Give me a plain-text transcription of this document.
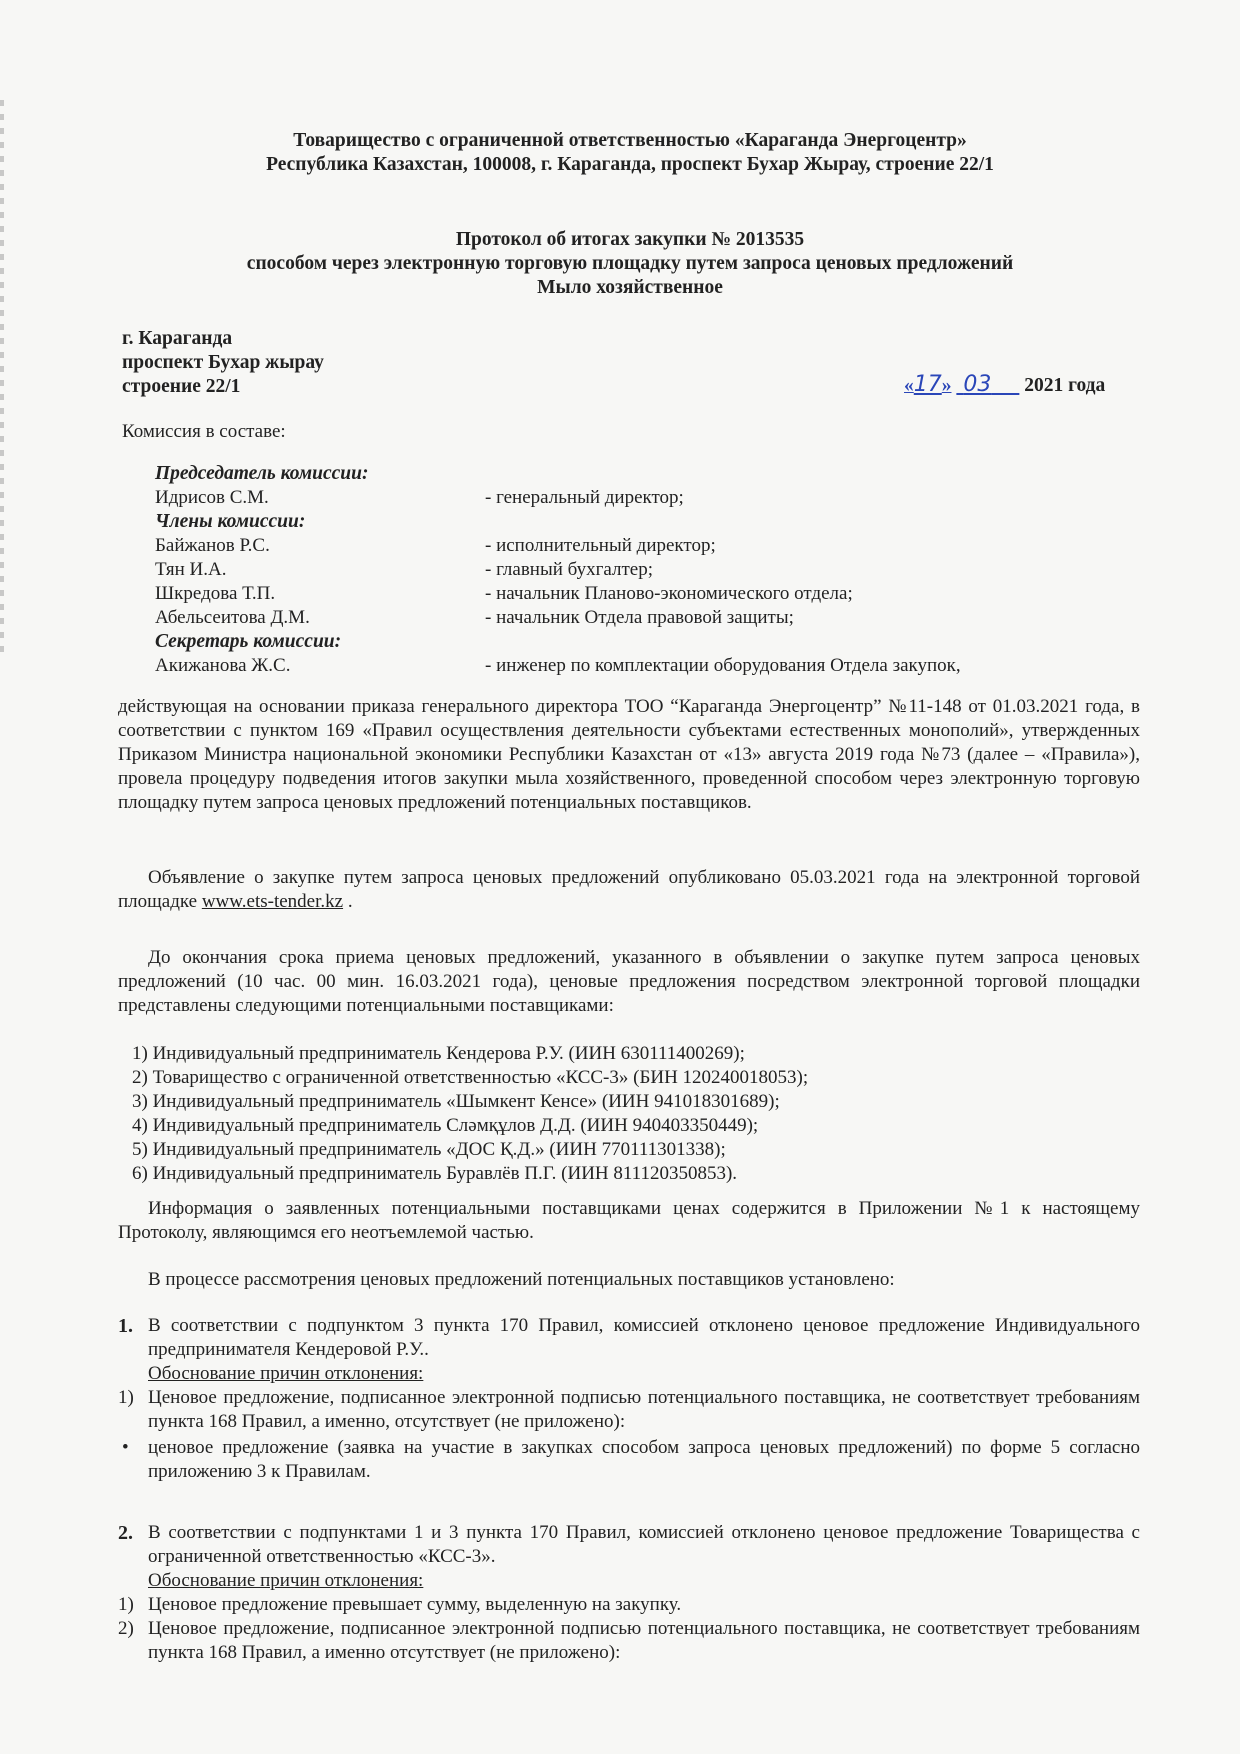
Товарищество с ограниченной ответственностью «Караганда Энергоцентр»
Республика Казахстан, 100008, г. Караганда, проспект Бухар Жырау, строение 22/1
Протокол об итогах закупки № 2013535
способом через электронную торговую площадку путем запроса ценовых предложений
Мыло хозяйственное
г. Караганда
проспект Бухар жырау
строение 22/1	«17» 03 2021 года
Комиссия в составе:
Председатель комиссии:
Идрисов С.М.	- генеральный директор;
Члены комиссии:
Байжанов Р.С.	- исполнительный директор;
Тян И.А.	- главный бухгалтер;
Шкредова Т.П.	- начальник Планово-экономического отдела;
Абельсеитова Д.М.	- начальник Отдела правовой защиты;
Секретарь комиссии:
Акижанова Ж.С.	- инженер по комплектации оборудования Отдела закупок,
действующая на основании приказа генерального директора ТОО “Караганда Энергоцентр” №11-148 от 01.03.2021 года, в соответствии с пунктом 169 «Правил осуществления деятельности субъектами естественных монополий», утвержденных Приказом Министра национальной экономики Республики Казахстан от «13» августа 2019 года №73 (далее – «Правила»), провела процедуру подведения итогов закупки мыла хозяйственного, проведенной способом через электронную торговую площадку путем запроса ценовых предложений потенциальных поставщиков.
Объявление о закупке путем запроса ценовых предложений опубликовано 05.03.2021 года на электронной торговой площадке www.ets-tender.kz .
До окончания срока приема ценовых предложений, указанного в объявлении о закупке путем запроса ценовых предложений (10 час. 00 мин. 16.03.2021 года), ценовые предложения посредством электронной торговой площадки представлены следующими потенциальными поставщиками:
1) Индивидуальный предприниматель Кендерова Р.У. (ИИН 630111400269);
2) Товарищество с ограниченной ответственностью «КСС-3» (БИН 120240018053);
3) Индивидуальный предприниматель «Шымкент Кенсе» (ИИН 941018301689);
4) Индивидуальный предприниматель Сләмқұлов Д.Д. (ИИН 940403350449);
5) Индивидуальный предприниматель «ДОС Қ.Д.» (ИИН 770111301338);
6) Индивидуальный предприниматель Буравлёв П.Г. (ИИН 811120350853).
Информация о заявленных потенциальными поставщиками ценах содержится в Приложении №1 к настоящему Протоколу, являющимся его неотъемлемой частью.
В процессе рассмотрения ценовых предложений потенциальных поставщиков установлено:
1. В соответствии с подпунктом 3 пункта 170 Правил, комиссией отклонено ценовое предложение Индивидуального предпринимателя Кендеровой Р.У..
Обоснование причин отклонения:
1) Ценовое предложение, подписанное электронной подписью потенциального поставщика, не соответствует требованиям пункта 168 Правил, а именно, отсутствует (не приложено):
• ценовое предложение (заявка на участие в закупках способом запроса ценовых предложений) по форме 5 согласно приложению 3 к Правилам.
2. В соответствии с подпунктами 1 и 3 пункта 170 Правил, комиссией отклонено ценовое предложение Товарищества с ограниченной ответственностью «КСС-3».
Обоснование причин отклонения:
1) Ценовое предложение превышает сумму, выделенную на закупку.
2) Ценовое предложение, подписанное электронной подписью потенциального поставщика, не соответствует требованиям пункта 168 Правил, а именно отсутствует (не приложено):
